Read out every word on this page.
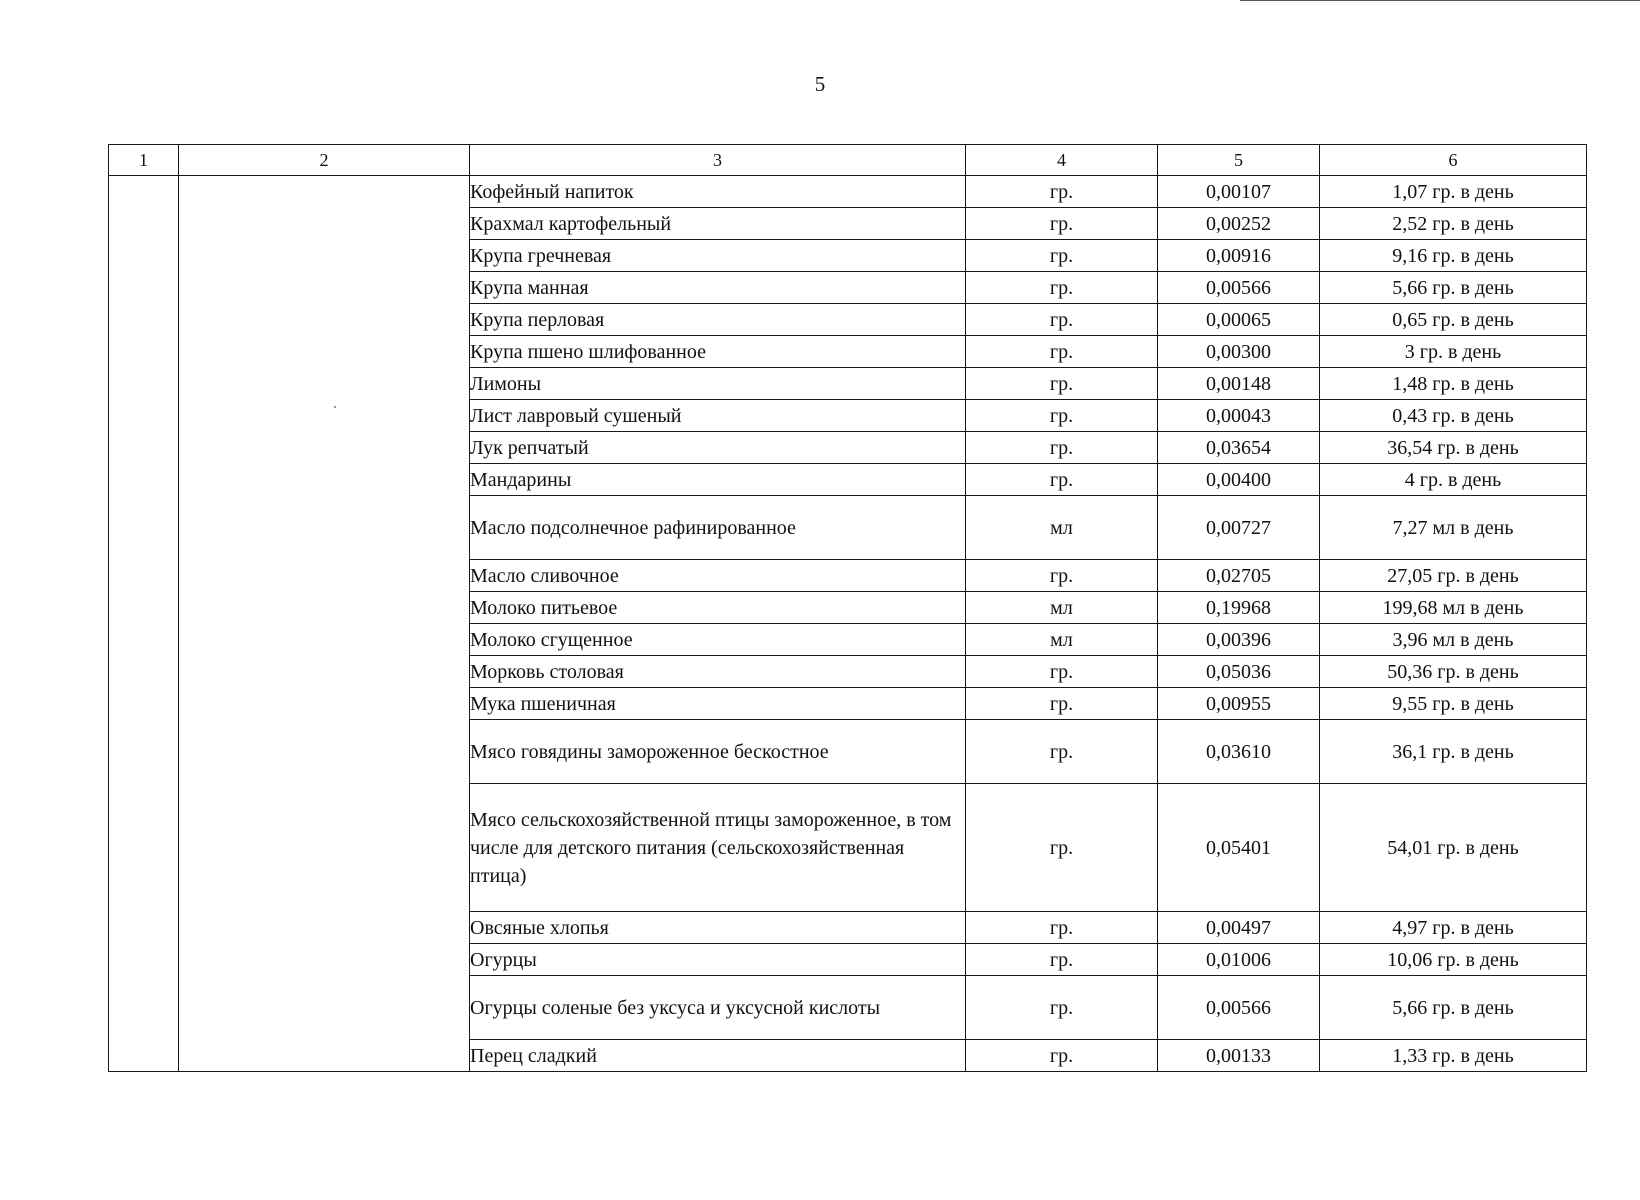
5
1	2	3	4	5	6
		Кофейный напиток	гр.	0,00107	1,07 гр. в день
		Крахмал картофельный	гр.	0,00252	2,52 гр. в день
		Крупа гречневая	гр.	0,00916	9,16 гр. в день
		Крупа манная	гр.	0,00566	5,66 гр. в день
		Крупа перловая	гр.	0,00065	0,65 гр. в день
		Крупа пшено шлифованное	гр.	0,00300	3 гр. в день
		Лимоны	гр.	0,00148	1,48 гр. в день
		Лист лавровый сушеный	гр.	0,00043	0,43 гр. в день
		Лук репчатый	гр.	0,03654	36,54 гр. в день
		Мандарины	гр.	0,00400	4 гр. в день
		Масло подсолнечное рафинированное	мл	0,00727	7,27 мл в день
		Масло сливочное	гр.	0,02705	27,05 гр. в день
		Молоко питьевое	мл	0,19968	199,68 мл в день
		Молоко сгущенное	мл	0,00396	3,96 мл в день
		Морковь столовая	гр.	0,05036	50,36 гр. в день
		Мука пшеничная	гр.	0,00955	9,55 гр. в день
		Мясо говядины замороженное бескостное	гр.	0,03610	36,1 гр. в день
		Мясо сельскохозяйственной птицы замороженное, в том числе для детского питания (сельскохозяйственная птица)	гр.	0,05401	54,01 гр. в день
		Овсяные хлопья	гр.	0,00497	4,97 гр. в день
		Огурцы	гр.	0,01006	10,06 гр. в день
		Огурцы соленые без уксуса и уксусной кислоты	гр.	0,00566	5,66 гр. в день
		Перец сладкий	гр.	0,00133	1,33 гр. в день
